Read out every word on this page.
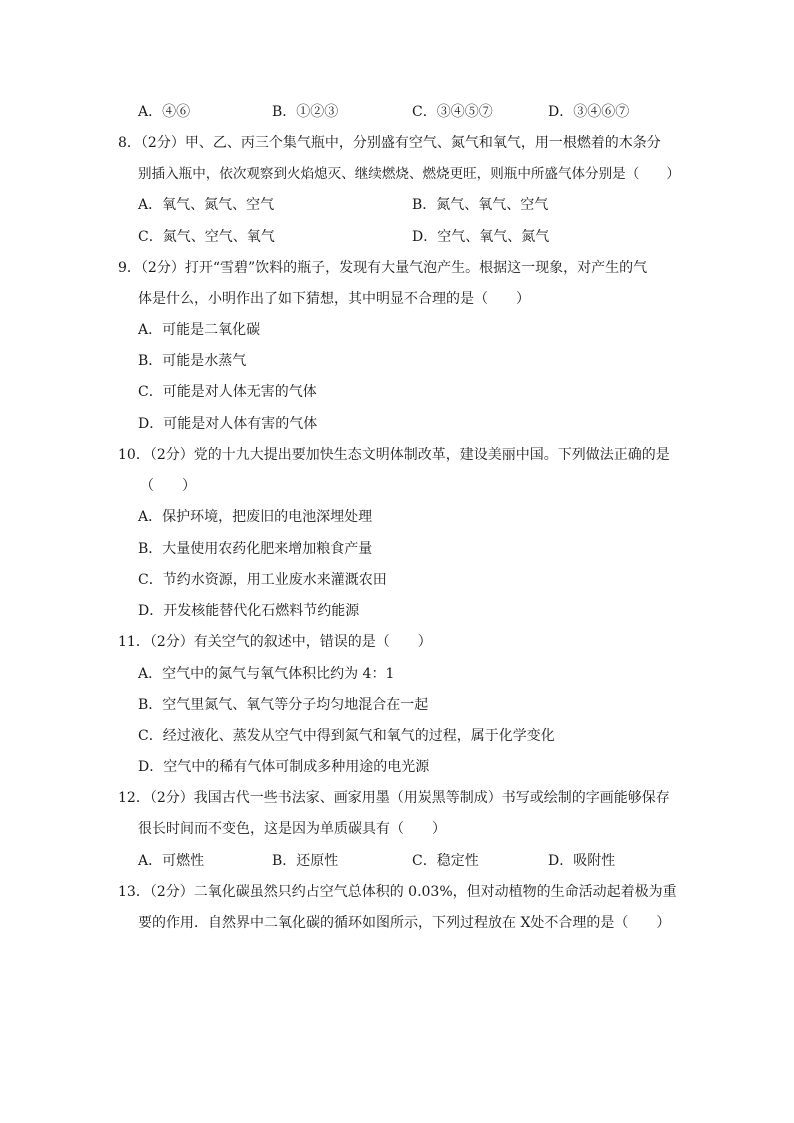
A．④⑥	B．①②③	C．③④⑤⑦	D．③④⑥⑦
8．（2分）甲、乙、丙三个集气瓶中，分别盛有空气、氮气和氧气，用一根燃着的木条分
别插入瓶中，依次观察到火焰熄灭、继续燃烧、燃烧更旺，则瓶中所盛气体分别是（　　）
A．氧气、氮气、空气	B．氮气、氧气、空气
C．氮气、空气、氧气	D．空气、氧气、氮气
9．（2分）打开“雪碧”饮料的瓶子，发现有大量气泡产生。根据这一现象，对产生的气
体是什么，小明作出了如下猜想，其中明显不合理的是（　　）
A．可能是二氧化碳
B．可能是水蒸气
C．可能是对人体无害的气体
D．可能是对人体有害的气体
10．（2分）党的十九大提出要加快生态文明体制改革，建设美丽中国。下列做法正确的是
（　　）
A．保护环境，把废旧的电池深埋处理
B．大量使用农药化肥来增加粮食产量
C．节约水资源，用工业废水来灌溉农田
D．开发核能替代化石燃料节约能源
11．（2分）有关空气的叙述中，错误的是（　　）
A．空气中的氮气与氧气体积比约为 4：1
B．空气里氮气、氧气等分子均匀地混合在一起
C．经过液化、蒸发从空气中得到氮气和氧气的过程，属于化学变化
D．空气中的稀有气体可制成多种用途的电光源
12．（2分）我国古代一些书法家、画家用墨（用炭黑等制成）书写或绘制的字画能够保存
很长时间而不变色，这是因为单质碳具有（　　）
A．可燃性	B．还原性	C．稳定性	D．吸附性
13．（2分）二氧化碳虽然只约占空气总体积的 0.03%，但对动植物的生命活动起着极为重
要的作用．自然界中二氧化碳的循环如图所示，下列过程放在 X处不合理的是（　　）
